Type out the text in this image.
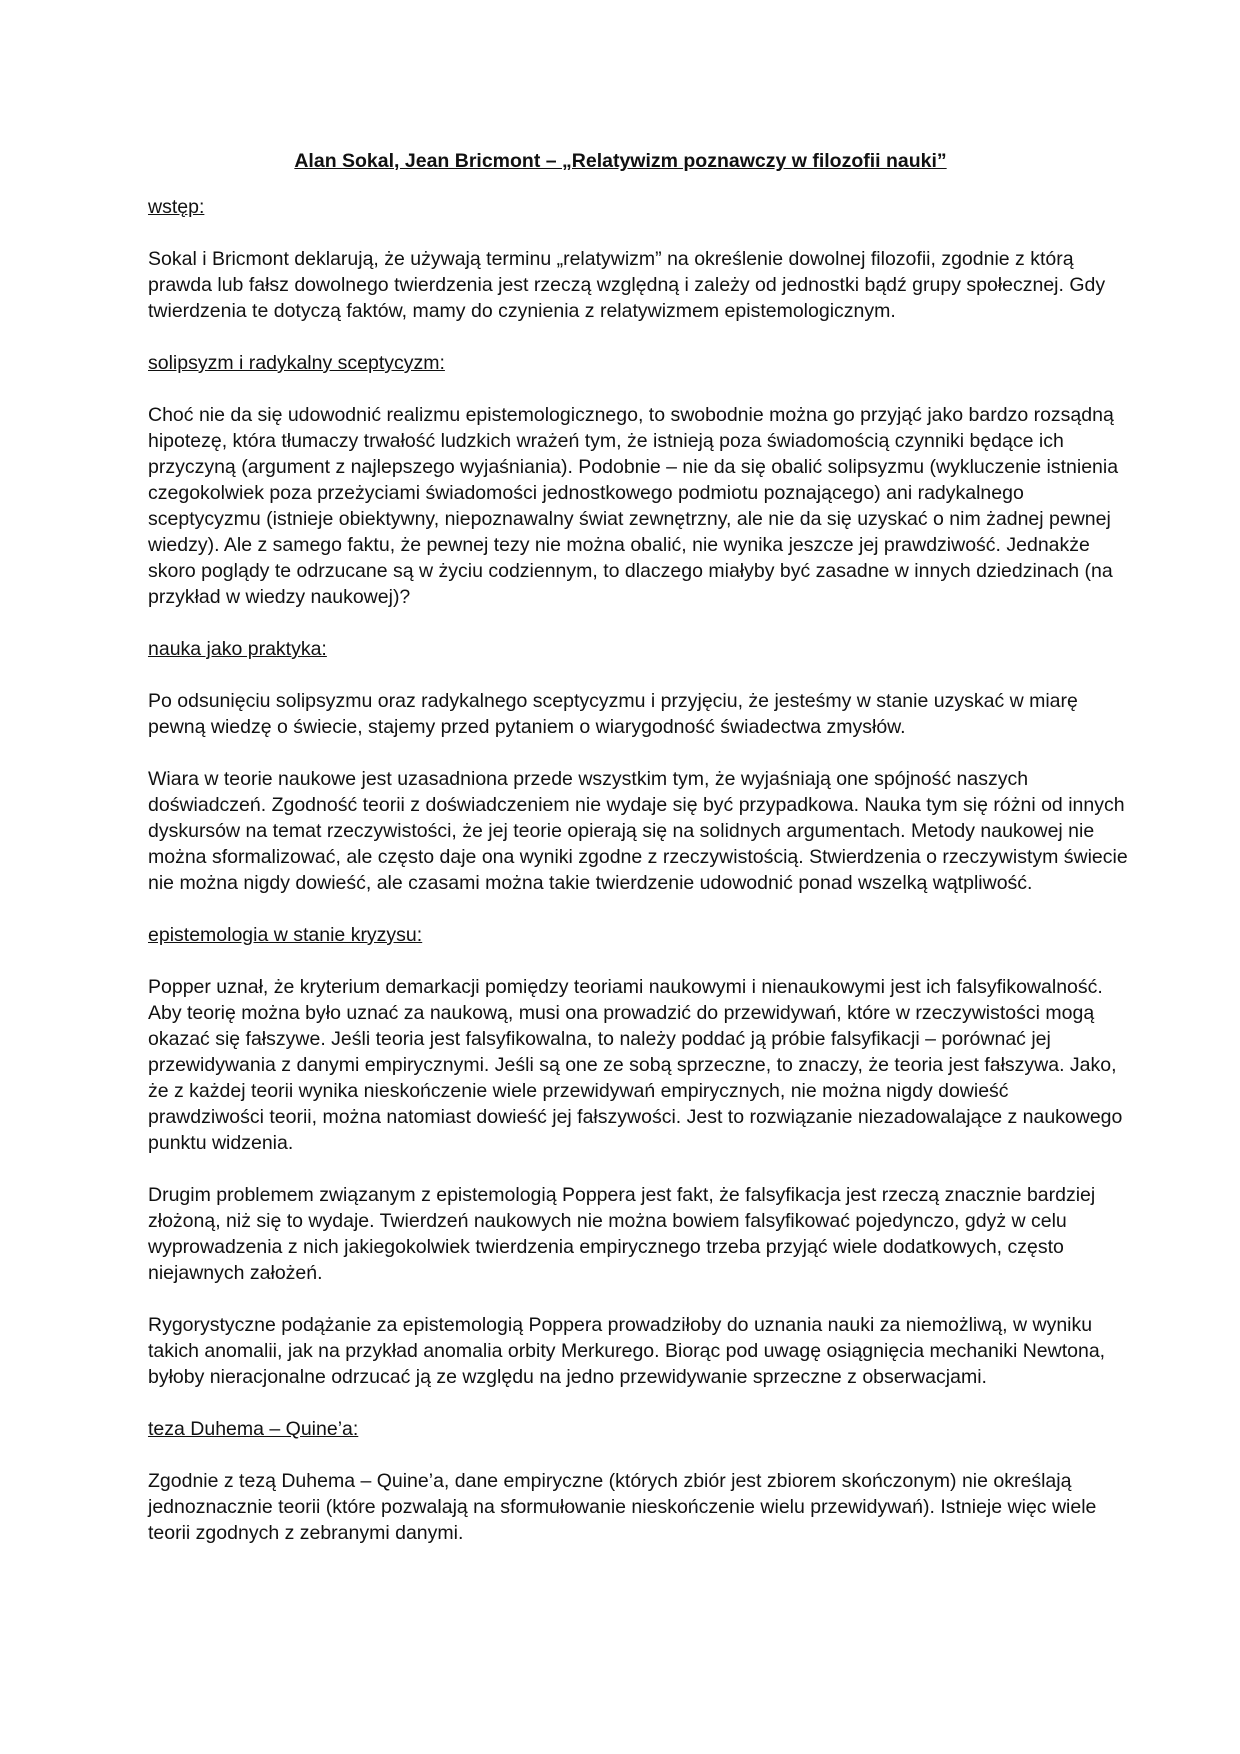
Alan Sokal, Jean Bricmont – „Relatywizm poznawczy w filozofii nauki”
wstęp:
Sokal i Bricmont deklarują, że używają terminu „relatywizm” na określenie dowolnej filozofii, zgodnie z którą
prawda lub fałsz dowolnego twierdzenia jest rzeczą względną i zależy od jednostki bądź grupy społecznej. Gdy
twierdzenia te dotyczą faktów, mamy do czynienia z relatywizmem epistemologicznym.
solipsyzm i radykalny sceptycyzm:
Choć nie da się udowodnić realizmu epistemologicznego, to swobodnie można go przyjąć jako bardzo rozsądną
hipotezę, która tłumaczy trwałość ludzkich wrażeń tym, że istnieją poza świadomością czynniki będące ich
przyczyną (argument z najlepszego wyjaśniania). Podobnie – nie da się obalić solipsyzmu (wykluczenie istnienia
czegokolwiek poza przeżyciami świadomości jednostkowego podmiotu poznającego) ani radykalnego
sceptycyzmu (istnieje obiektywny, niepoznawalny świat zewnętrzny, ale nie da się uzyskać o nim żadnej pewnej
wiedzy). Ale z samego faktu, że pewnej tezy nie można obalić, nie wynika jeszcze jej prawdziwość. Jednakże
skoro poglądy te odrzucane są w życiu codziennym, to dlaczego miałyby być zasadne w innych dziedzinach (na
przykład w wiedzy naukowej)?
nauka jako praktyka:
Po odsunięciu solipsyzmu oraz radykalnego sceptycyzmu i przyjęciu, że jesteśmy w stanie uzyskać w miarę
pewną wiedzę o świecie, stajemy przed pytaniem o wiarygodność świadectwa zmysłów.
Wiara w teorie naukowe jest uzasadniona przede wszystkim tym, że wyjaśniają one spójność naszych
doświadczeń. Zgodność teorii z doświadczeniem nie wydaje się być przypadkowa. Nauka tym się różni od innych
dyskursów na temat rzeczywistości, że jej teorie opierają się na solidnych argumentach. Metody naukowej nie
można sformalizować, ale często daje ona wyniki zgodne z rzeczywistością. Stwierdzenia o rzeczywistym świecie
nie można nigdy dowieść, ale czasami można takie twierdzenie udowodnić ponad wszelką wątpliwość.
epistemologia w stanie kryzysu:
Popper uznał, że kryterium demarkacji pomiędzy teoriami naukowymi i nienaukowymi jest ich falsyfikowalność.
Aby teorię można było uznać za naukową, musi ona prowadzić do przewidywań, które w rzeczywistości mogą
okazać się fałszywe. Jeśli teoria jest falsyfikowalna, to należy poddać ją próbie falsyfikacji – porównać jej
przewidywania z danymi empirycznymi. Jeśli są one ze sobą sprzeczne, to znaczy, że teoria jest fałszywa. Jako,
że z każdej teorii wynika nieskończenie wiele przewidywań empirycznych, nie można nigdy dowieść
prawdziwości teorii, można natomiast dowieść jej fałszywości. Jest to rozwiązanie niezadowalające z naukowego
punktu widzenia.
Drugim problemem związanym z epistemologią Poppera jest fakt, że falsyfikacja jest rzeczą znacznie bardziej
złożoną, niż się to wydaje. Twierdzeń naukowych nie można bowiem falsyfikować pojedynczo, gdyż w celu
wyprowadzenia z nich jakiegokolwiek twierdzenia empirycznego trzeba przyjąć wiele dodatkowych, często
niejawnych założeń.
Rygorystyczne podążanie za epistemologią Poppera prowadziłoby do uznania nauki za niemożliwą, w wyniku
takich anomalii, jak na przykład anomalia orbity Merkurego. Biorąc pod uwagę osiągnięcia mechaniki Newtona,
byłoby nieracjonalne odrzucać ją ze względu na jedno przewidywanie sprzeczne z obserwacjami.
teza Duhema – Quine’a:
Zgodnie z tezą Duhema – Quine’a, dane empiryczne (których zbiór jest zbiorem skończonym) nie określają
jednoznacznie teorii (które pozwalają na sformułowanie nieskończenie wielu przewidywań). Istnieje więc wiele
teorii zgodnych z zebranymi danymi.
